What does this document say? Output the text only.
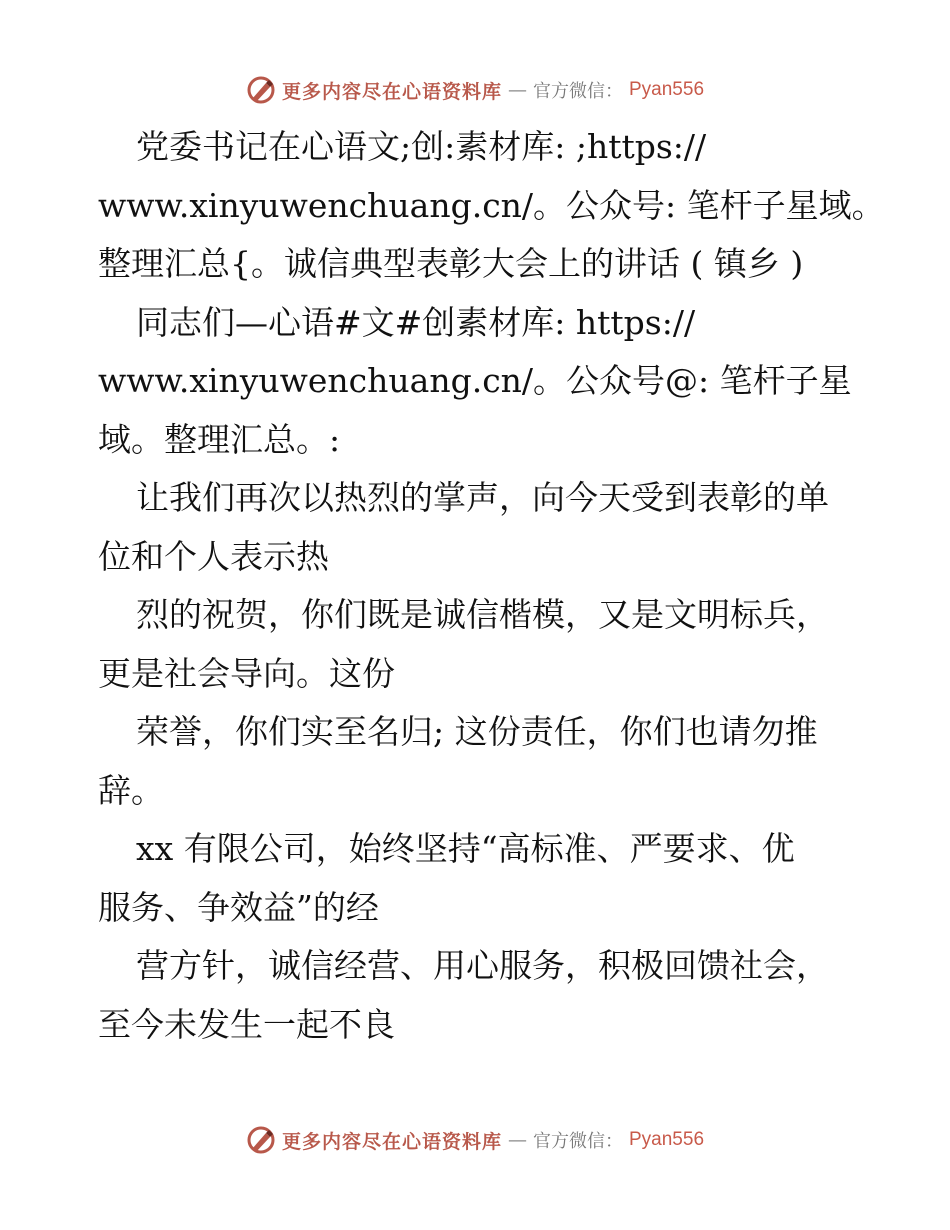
更多内容尽在心语资料库 — 官方微信： Pyan556
党委书记在心语文;创:素材库: ;https://
www.xinyuwenchuang.cn/。公众号: 笔杆子星域。
整理汇总{。诚信典型表彰大会上的讲话 ( 镇乡 )
同志们—心语#文#创素材库: https://
www.xinyuwenchuang.cn/。公众号@: 笔杆子星
域。整理汇总。:
让我们再次以热烈的掌声，向今天受到表彰的单
位和个人表示热
烈的祝贺，你们既是诚信楷模，又是文明标兵，
更是社会导向。这份
荣誉，你们实至名归; 这份责任，你们也请勿推
辞。
xx 有限公司，始终坚持“高标准、严要求、优
服务、争效益”的经
营方针，诚信经营、用心服务，积极回馈社会，
至今未发生一起不良
更多内容尽在心语资料库 — 官方微信： Pyan556
